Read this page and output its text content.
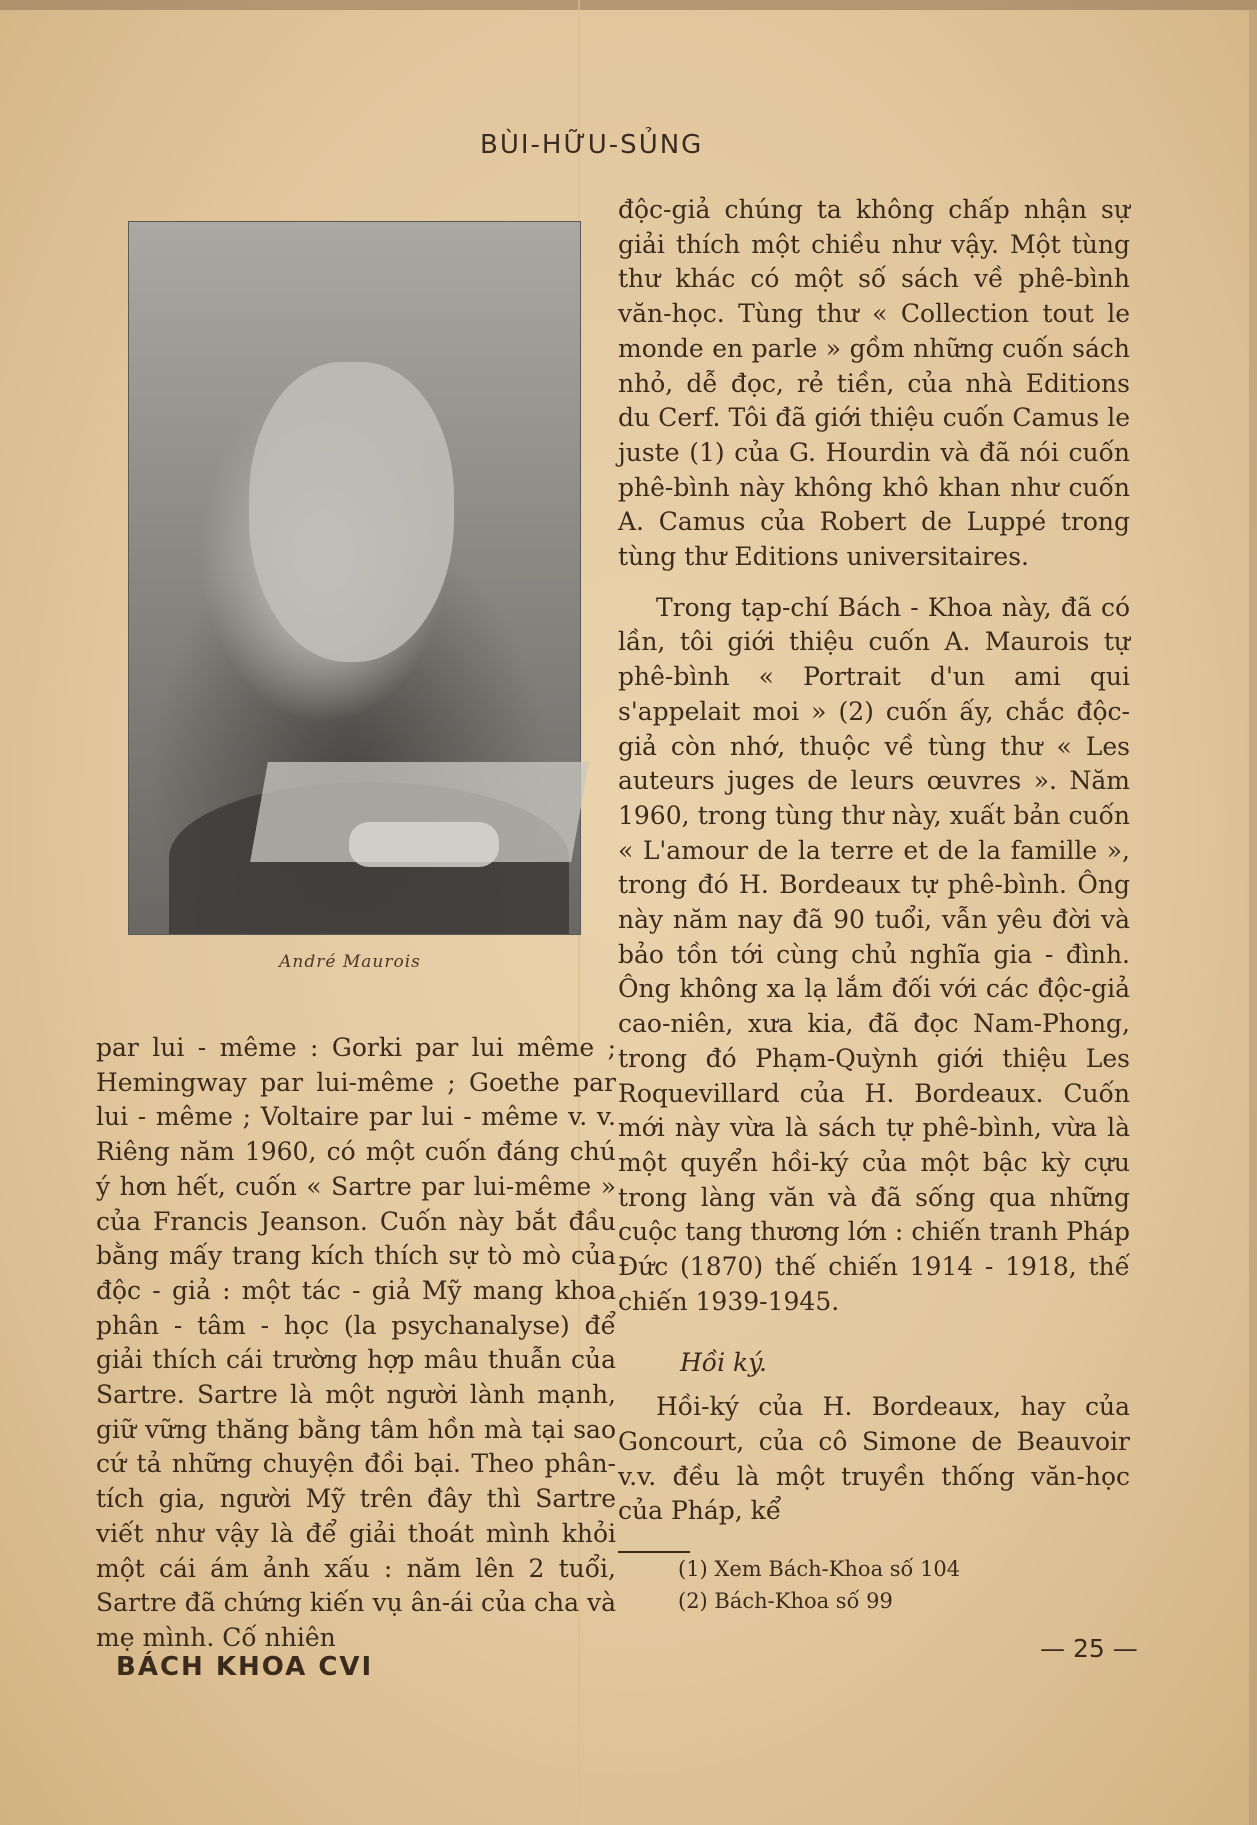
BÙI-HỮU-SỦNG
André Maurois

par lui - même : Gorki par lui même ; Hemingway par lui-même ; Goethe par lui - même ; Voltaire par lui - même v. v. Riêng năm 1960, có một cuốn đáng chú ý hơn hết, cuốn « Sartre par lui-même » của Francis Jeanson. Cuốn này bắt đầu bằng mấy trang kích thích sự tò mò của độc - giả : một tác - giả Mỹ mang khoa phân - tâm - học (la psychanalyse) để giải thích cái trường hợp mâu thuẫn của Sartre. Sartre là một người lành mạnh, giữ vững thăng bằng tâm hồn mà tại sao cứ tả những chuyện đồi bại. Theo phân-tích gia, người Mỹ trên đây thì Sartre viết như vậy là để giải thoát mình khỏi một cái ám ảnh xấu : năm lên 2 tuổi, Sartre đã chứng kiến vụ ân-ái của cha và mẹ mình. Cố nhiên

độc-giả chúng ta không chấp nhận sự giải thích một chiều như vậy. Một tùng thư khác có một số sách về phê-bình văn-học. Tùng thư « Collection tout le monde en parle » gồm những cuốn sách nhỏ, dễ đọc, rẻ tiền, của nhà Editions du Cerf. Tôi đã giới thiệu cuốn Camus le juste (1) của G. Hourdin và đã nói cuốn phê-bình này không khô khan như cuốn A. Camus của Robert de Luppé trong tùng thư Editions universitaires.

Trong tạp-chí Bách - Khoa này, đã có lần, tôi giới thiệu cuốn A. Maurois tự phê-bình « Portrait d'un ami qui s'appelait moi » (2) cuốn ấy, chắc độc-giả còn nhớ, thuộc về tùng thư « Les auteurs juges de leurs œuvres ». Năm 1960, trong tùng thư này, xuất bản cuốn « L'amour de la terre et de la famille », trong đó H. Bordeaux tự phê-bình. Ông này năm nay đã 90 tuổi, vẫn yêu đời và bảo tồn tới cùng chủ nghĩa gia - đình. Ông không xa lạ lắm đối với các độc-giả cao-niên, xưa kia, đã đọc Nam-Phong, trong đó Phạm-Quỳnh giới thiệu Les Roquevillard của H. Bordeaux. Cuốn mới này vừa là sách tự phê-bình, vừa là một quyển hồi-ký của một bậc kỳ cựu trong làng văn và đã sống qua những cuộc tang thương lớn : chiến tranh Pháp Đức (1870) thế chiến 1914 - 1918, thế chiến 1939-1945.

Hồi ký.

Hồi-ký của H. Bordeaux, hay của Goncourt, của cô Simone de Beauvoir v.v. đều là một truyền thống văn-học của Pháp, kể

(1) Xem Bách-Khoa số 104

(2) Bách-Khoa số 99

BÁCH KHOA CVI
— 25 —
